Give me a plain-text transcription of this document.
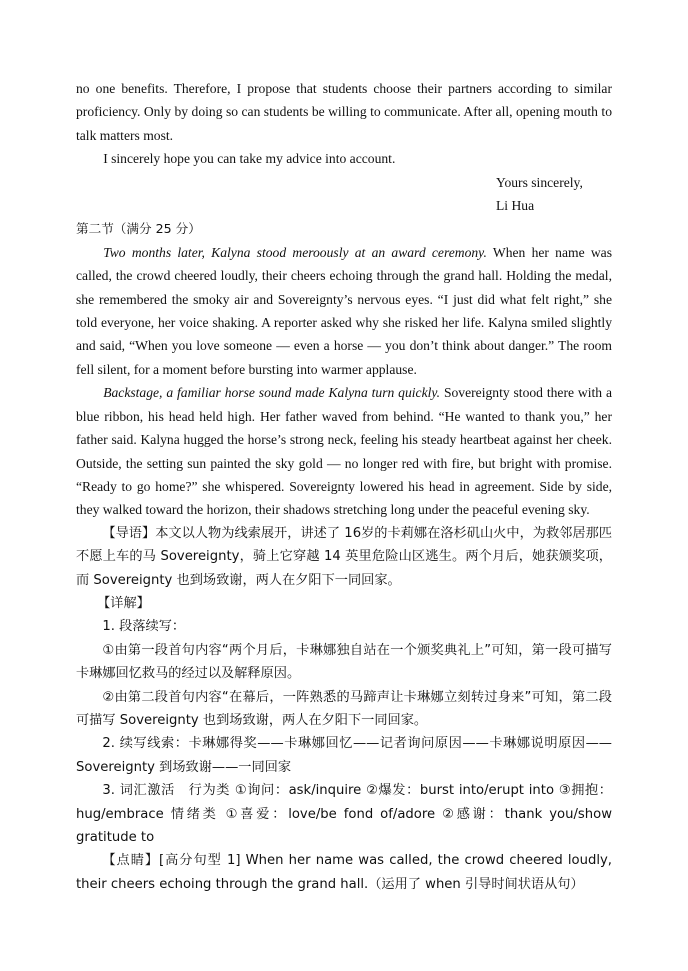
no one benefits. Therefore, I propose that students choose their partners according to similar proficiency. Only by doing so can students be willing to communicate. After all, opening mouth to talk matters most.

I sincerely hope you can take my advice into account.

Yours sincerely,

Li Hua

第二节（满分 25 分）

Two months later, Kalyna stood meroously at an award ceremony. When her name was called, the crowd cheered loudly, their cheers echoing through the grand hall. Holding the medal, she remembered the smoky air and Sovereignty’s nervous eyes. “I just did what felt right,” she told everyone, her voice shaking. A reporter asked why she risked her life. Kalyna smiled slightly and said, “When you love someone — even a horse — you don’t think about danger.” The room fell silent, for a moment before bursting into warmer applause.

Backstage, a familiar horse sound made Kalyna turn quickly. Sovereignty stood there with a blue ribbon, his head held high. Her father waved from behind. “He wanted to thank you,” her father said. Kalyna hugged the horse’s strong neck, feeling his steady heartbeat against her cheek. Outside, the setting sun painted the sky gold — no longer red with fire, but bright with promise. “Ready to go home?” she whispered. Sovereignty lowered his head in agreement. Side by side, they walked toward the horizon, their shadows stretching long under the peaceful evening sky.

【导语】本文以人物为线索展开，讲述了 16岁的卡莉娜在洛杉矶山火中，为救邻居那匹不愿上车的马 Sovereignty，骑上它穿越 14 英里危险山区逃生。两个月后，她获颁奖项，而 Sovereignty 也到场致谢，两人在夕阳下一同回家。

【详解】

1. 段落续写：

①由第一段首句内容“两个月后，卡琳娜独自站在一个颁奖典礼上”可知，第一段可描写卡琳娜回忆救马的经过以及解释原因。

②由第二段首句内容“在幕后，一阵熟悉的马蹄声让卡琳娜立刻转过身来”可知，第二段可描写 Sovereignty 也到场致谢，两人在夕阳下一同回家。

2. 续写线索：卡琳娜得奖——卡琳娜回忆——记者询问原因——卡琳娜说明原因——Sovereignty 到场致谢——一同回家

3. 词汇激活　行为类 ①询问：ask/inquire ②爆发：burst into/erupt into ③拥抱：hug/embrace 情绪类 ①喜爱：love/be fond of/adore ②感谢：thank you/show gratitude to

【点睛】[高分句型 1] When her name was called, the crowd cheered loudly, their cheers echoing through the grand hall.（运用了 when 引导时间状语从句）
